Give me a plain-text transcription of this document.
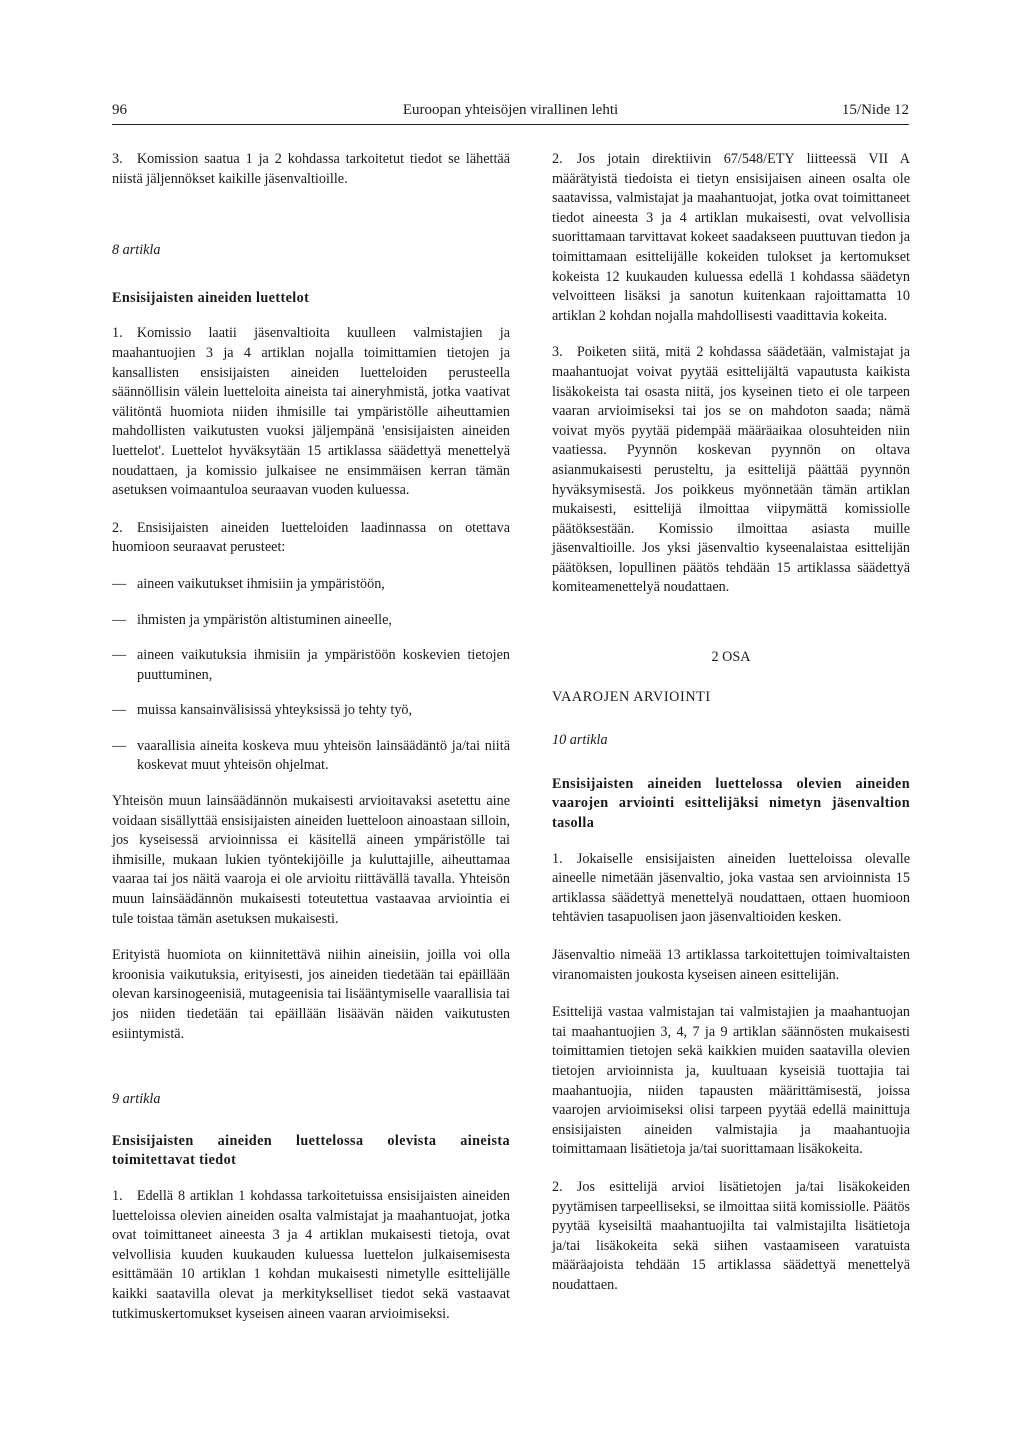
96	Euroopan yhteisöjen virallinen lehti	15/Nide 12

3. Komission saatua 1 ja 2 kohdassa tarkoitetut tiedot se lähettää niistä jäljennökset kaikille jäsenvaltioille.

8 artikla

Ensisijaisten aineiden luettelot

1. Komissio laatii jäsenvaltioita kuulleen valmistajien ja maahantuojien 3 ja 4 artiklan nojalla toimittamien tietojen ja kansallisten ensisijaisten aineiden luetteloiden perusteella säännöllisin välein luetteloita aineista tai aineryhmistä, jotka vaativat välitöntä huomiota niiden ihmisille tai ympäristölle aiheuttamien mahdollisten vaikutusten vuoksi jäljempänä 'ensisijaisten aineiden luettelot'. Luettelot hyväksytään 15 artiklassa säädettyä menettelyä noudattaen, ja komissio julkaisee ne ensimmäisen kerran tämän asetuksen voimaantuloa seuraavan vuoden kuluessa.

2. Ensisijaisten aineiden luetteloiden laadinnassa on otettava huomioon seuraavat perusteet:

— aineen vaikutukset ihmisiin ja ympäristöön,

— ihmisten ja ympäristön altistuminen aineelle,

— aineen vaikutuksia ihmisiin ja ympäristöön koskevien tietojen puuttuminen,

— muissa kansainvälisissä yhteyksissä jo tehty työ,

— vaarallisia aineita koskeva muu yhteisön lainsäädäntö ja/tai niitä koskevat muut yhteisön ohjelmat.

Yhteisön muun lainsäädännön mukaisesti arvioitavaksi asetettu aine voidaan sisällyttää ensisijaisten aineiden luetteloon ainoastaan silloin, jos kyseisessä arvioinnissa ei käsitellä aineen ympäristölle tai ihmisille, mukaan lukien työntekijöille ja kuluttajille, aiheuttamaa vaaraa tai jos näitä vaaroja ei ole arvioitu riittävällä tavalla. Yhteisön muun lainsäädännön mukaisesti toteutettua vastaavaa arviointia ei tule toistaa tämän asetuksen mukaisesti.

Erityistä huomiota on kiinnitettävä niihin aineisiin, joilla voi olla kroonisia vaikutuksia, erityisesti, jos aineiden tiedetään tai epäillään olevan karsinogeenisiä, mutageenisia tai lisääntymiselle vaarallisia tai jos niiden tiedetään tai epäillään lisäävän näiden vaikutusten esiintymistä.

9 artikla

Ensisijaisten aineiden luettelossa olevista aineista toimitettavat tiedot

1. Edellä 8 artiklan 1 kohdassa tarkoitetuissa ensisijaisten aineiden luetteloissa olevien aineiden osalta valmistajat ja maahantuojat, jotka ovat toimittaneet aineesta 3 ja 4 artiklan mukaisesti tietoja, ovat velvollisia kuuden kuukauden kuluessa luettelon julkaisemisesta esittämään 10 artiklan 1 kohdan mukaisesti nimetylle esittelijälle kaikki saatavilla olevat ja merkitykselliset tiedot sekä vastaavat tutkimuskertomukset kyseisen aineen vaaran arvioimiseksi.

2. Jos jotain direktiivin 67/548/ETY liitteessä VII A määrätyistä tiedoista ei tietyn ensisijaisen aineen osalta ole saatavissa, valmistajat ja maahantuojat, jotka ovat toimittaneet tiedot aineesta 3 ja 4 artiklan mukaisesti, ovat velvollisia suorittamaan tarvittavat kokeet saadakseen puuttuvan tiedon ja toimittamaan esittelijälle kokeiden tulokset ja kertomukset kokeista 12 kuukauden kuluessa edellä 1 kohdassa säädetyn velvoitteen lisäksi ja sanotun kuitenkaan rajoittamatta 10 artiklan 2 kohdan nojalla mahdollisesti vaadittavia kokeita.

3. Poiketen siitä, mitä 2 kohdassa säädetään, valmistajat ja maahantuojat voivat pyytää esittelijältä vapautusta kaikista lisäkokeista tai osasta niitä, jos kyseinen tieto ei ole tarpeen vaaran arvioimiseksi tai jos se on mahdoton saada; nämä voivat myös pyytää pidempää määräaikaa olosuhteiden niin vaatiessa. Pyynnön koskevan pyynnön on oltava asianmukaisesti perusteltu, ja esittelijä päättää pyynnön hyväksymisestä. Jos poikkeus myönnetään tämän artiklan mukaisesti, esittelijä ilmoittaa viipymättä komissiolle päätöksestään. Komissio ilmoittaa asiasta muille jäsenvaltioille. Jos yksi jäsenvaltio kyseenalaistaa esittelijän päätöksen, lopullinen päätös tehdään 15 artiklassa säädettyä komiteamenettelyä noudattaen.

2 OSA

VAAROJEN ARVIOINTI

10 artikla

Ensisijaisten aineiden luettelossa olevien aineiden vaarojen arviointi esittelijäksi nimetyn jäsenvaltion tasolla

1. Jokaiselle ensisijaisten aineiden luetteloissa olevalle aineelle nimetään jäsenvaltio, joka vastaa sen arvioinnista 15 artiklassa säädettyä menettelyä noudattaen, ottaen huomioon tehtävien tasapuolisen jaon jäsenvaltioiden kesken.

Jäsenvaltio nimeää 13 artiklassa tarkoitettujen toimivaltaisten viranomaisten joukosta kyseisen aineen esittelijän.

Esittelijä vastaa valmistajan tai valmistajien ja maahantuojan tai maahantuojien 3, 4, 7 ja 9 artiklan säännösten mukaisesti toimittamien tietojen sekä kaikkien muiden saatavilla olevien tietojen arvioinnista ja, kuultuaan kyseisiä tuottajia tai maahantuojia, niiden tapausten määrittämisestä, joissa vaarojen arvioimiseksi olisi tarpeen pyytää edellä mainittuja ensisijaisten aineiden valmistajia ja maahantuojia toimittamaan lisätietoja ja/tai suorittamaan lisäkokeita.

2. Jos esittelijä arvioi lisätietojen ja/tai lisäkokeiden pyytämisen tarpeelliseksi, se ilmoittaa siitä komissiolle. Päätös pyytää kyseisiltä maahantuojilta tai valmistajilta lisätietoja ja/tai lisäkokeita sekä siihen vastaamiseen varatuista määräajoista tehdään 15 artiklassa säädettyä menettelyä noudattaen.
